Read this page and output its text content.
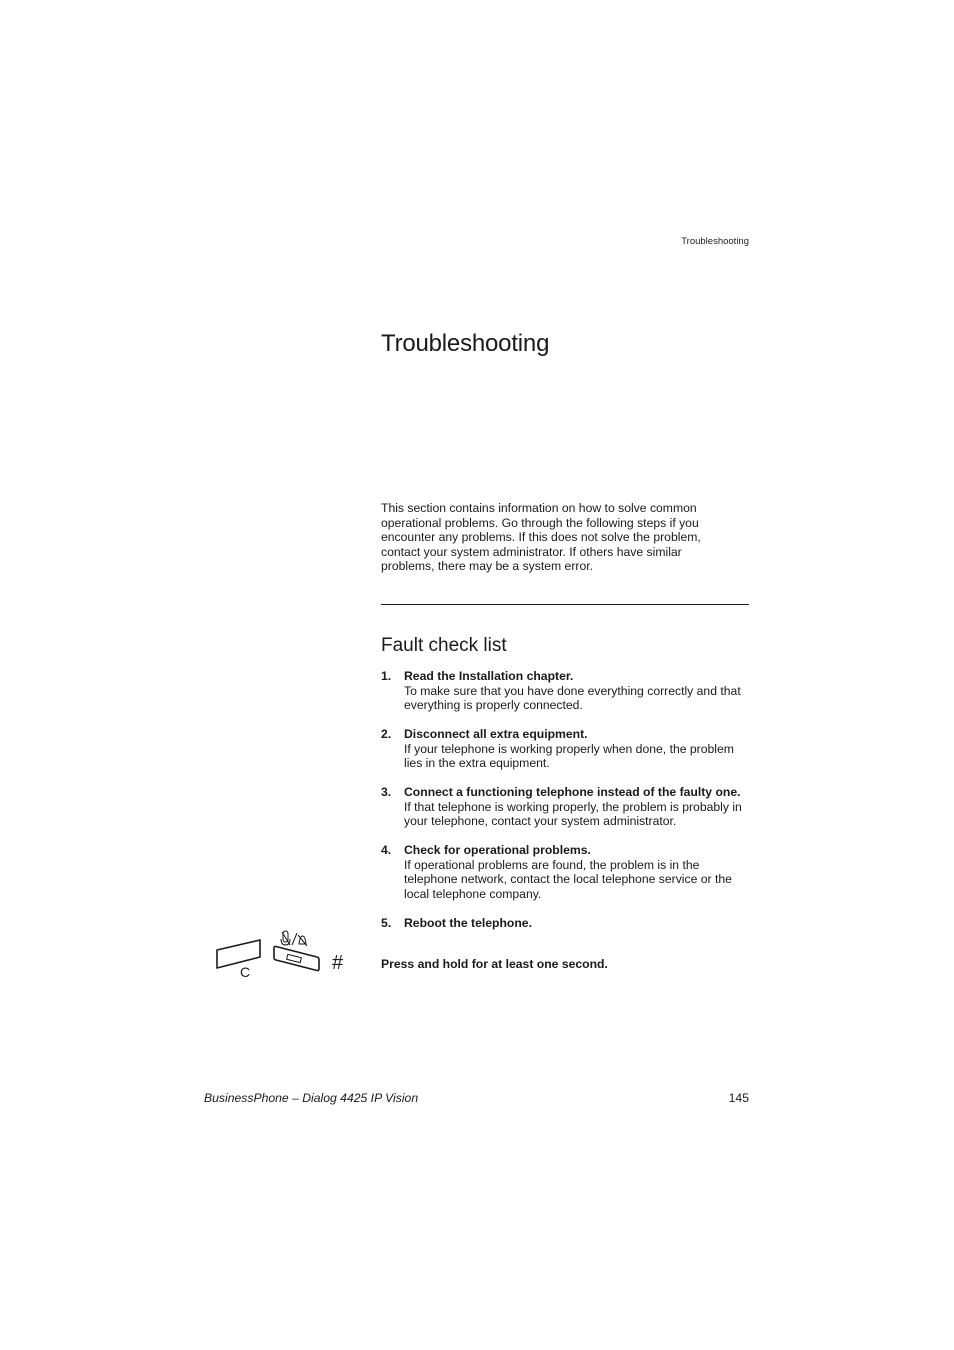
Troubleshooting
Troubleshooting

This section contains information on how to solve common operational problems. Go through the following steps if you encounter any problems. If this does not solve the problem, contact your system administrator. If others have similar problems, there may be a system error.

Fault check list
1. Read the Installation chapter.
To make sure that you have done everything correctly and that everything is properly connected.
2. Disconnect all extra equipment.
If your telephone is working properly when done, the problem lies in the extra equipment.
3. Connect a functioning telephone instead of the faulty one.
If that telephone is working properly, the problem is probably in your telephone, contact your system administrator.
4. Check for operational problems.
If operational problems are found, the problem is in the telephone network, contact the local telephone service or the local telephone company.
5. Reboot the telephone.
C	#	Press and hold for at least one second.

BusinessPhone – Dialog 4425 IP Vision	145
